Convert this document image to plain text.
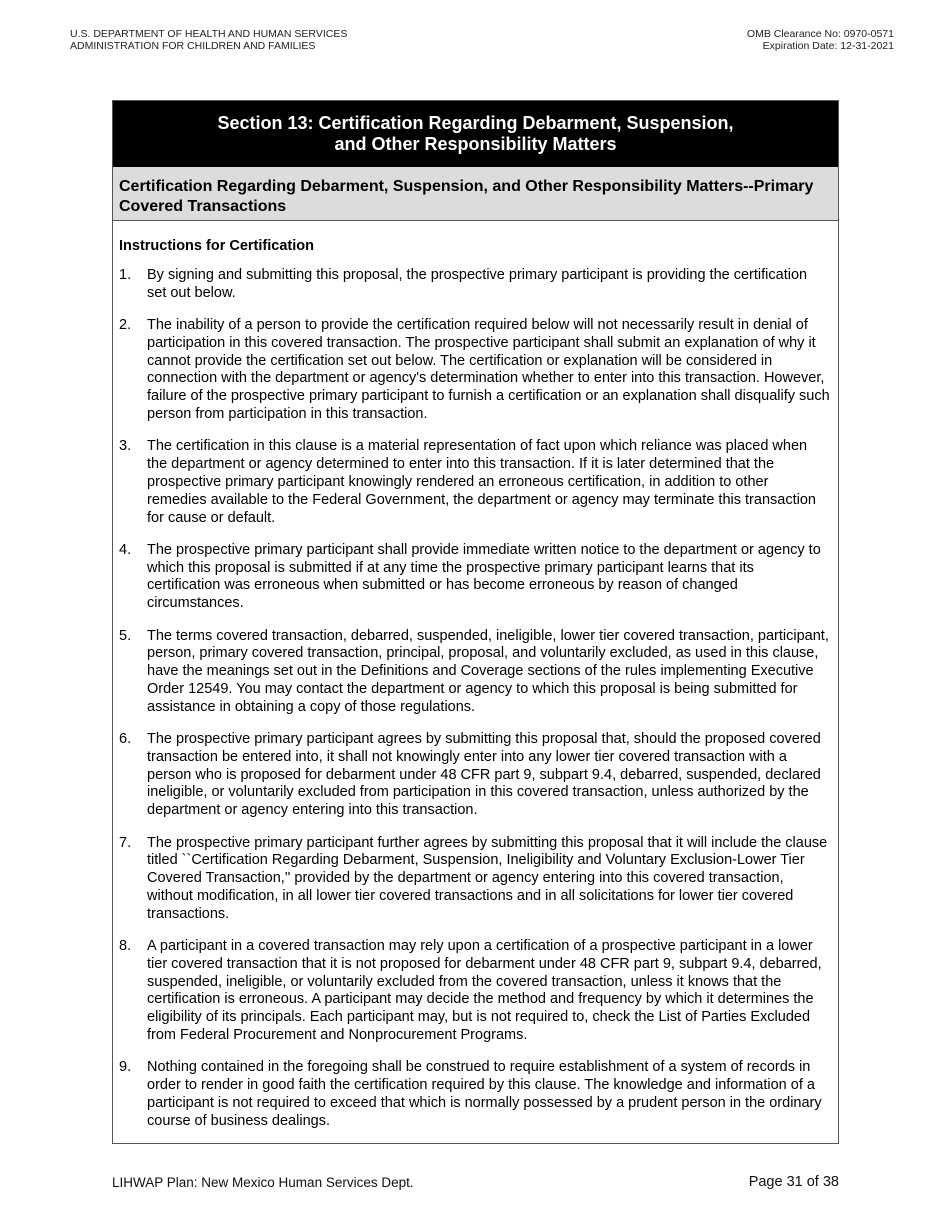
U.S. DEPARTMENT OF HEALTH AND HUMAN SERVICES
ADMINISTRATION FOR CHILDREN AND FAMILIES
OMB Clearance No: 0970-0571
Expiration Date: 12-31-2021
Section 13: Certification Regarding Debarment, Suspension,
and Other Responsibility Matters
Certification Regarding Debarment, Suspension, and Other Responsibility Matters--Primary Covered Transactions
Instructions for Certification
1.	By signing and submitting this proposal, the prospective primary participant is providing the certification set out below.
2.	The inability of a person to provide the certification required below will not necessarily result in denial of participation in this covered transaction. The prospective participant shall submit an explanation of why it cannot provide the certification set out below. The certification or explanation will be considered in connection with the department or agency's determination whether to enter into this transaction. However, failure of the prospective primary participant to furnish a certification or an explanation shall disqualify such person from participation in this transaction.
3.	The certification in this clause is a material representation of fact upon which reliance was placed when the department or agency determined to enter into this transaction. If it is later determined that the prospective primary participant knowingly rendered an erroneous certification, in addition to other remedies available to the Federal Government, the department or agency may terminate this transaction for cause or default.
4.	The prospective primary participant shall provide immediate written notice to the department or agency to which this proposal is submitted if at any time the prospective primary participant learns that its certification was erroneous when submitted or has become erroneous by reason of changed circumstances.
5.	The terms covered transaction, debarred, suspended, ineligible, lower tier covered transaction, participant, person, primary covered transaction, principal, proposal, and voluntarily excluded, as used in this clause, have the meanings set out in the Definitions and Coverage sections of the rules implementing Executive Order 12549. You may contact the department or agency to which this proposal is being submitted for assistance in obtaining a copy of those regulations.
6.	The prospective primary participant agrees by submitting this proposal that, should the proposed covered transaction be entered into, it shall not knowingly enter into any lower tier covered transaction with a person who is proposed for debarment under 48 CFR part 9, subpart 9.4, debarred, suspended, declared ineligible, or voluntarily excluded from participation in this covered transaction, unless authorized by the department or agency entering into this transaction.
7.	The prospective primary participant further agrees by submitting this proposal that it will include the clause titled ``Certification Regarding Debarment, Suspension, Ineligibility and Voluntary Exclusion-Lower Tier Covered Transaction,'' provided by the department or agency entering into this covered transaction, without modification, in all lower tier covered transactions and in all solicitations for lower tier covered transactions.
8.	A participant in a covered transaction may rely upon a certification of a prospective participant in a lower tier covered transaction that it is not proposed for debarment under 48 CFR part 9, subpart 9.4, debarred, suspended, ineligible, or voluntarily excluded from the covered transaction, unless it knows that the certification is erroneous. A participant may decide the method and frequency by which it determines the eligibility of its principals. Each participant may, but is not required to, check the List of Parties Excluded from Federal Procurement and Nonprocurement Programs.
9.	Nothing contained in the foregoing shall be construed to require establishment of a system of records in order to render in good faith the certification required by this clause. The knowledge and information of a participant is not required to exceed that which is normally possessed by a prudent person in the ordinary course of business dealings.
LIHWAP Plan: New Mexico Human Services Dept.	Page 31 of 38
